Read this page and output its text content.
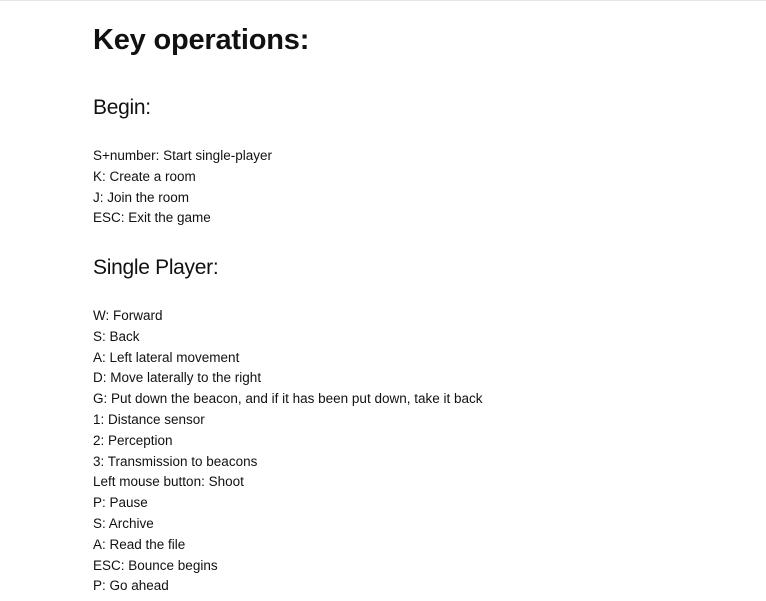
Key operations:
Begin:
S+number: Start single-player
K: Create a room
J: Join the room
ESC: Exit the game
Single Player:
W: Forward
S: Back
A: Left lateral movement
D: Move laterally to the right
G: Put down the beacon, and if it has been put down, take it back
1: Distance sensor
2: Perception
3: Transmission to beacons
Left mouse button: Shoot
P: Pause
S: Archive
A: Read the file
ESC: Bounce begins
P: Go ahead
